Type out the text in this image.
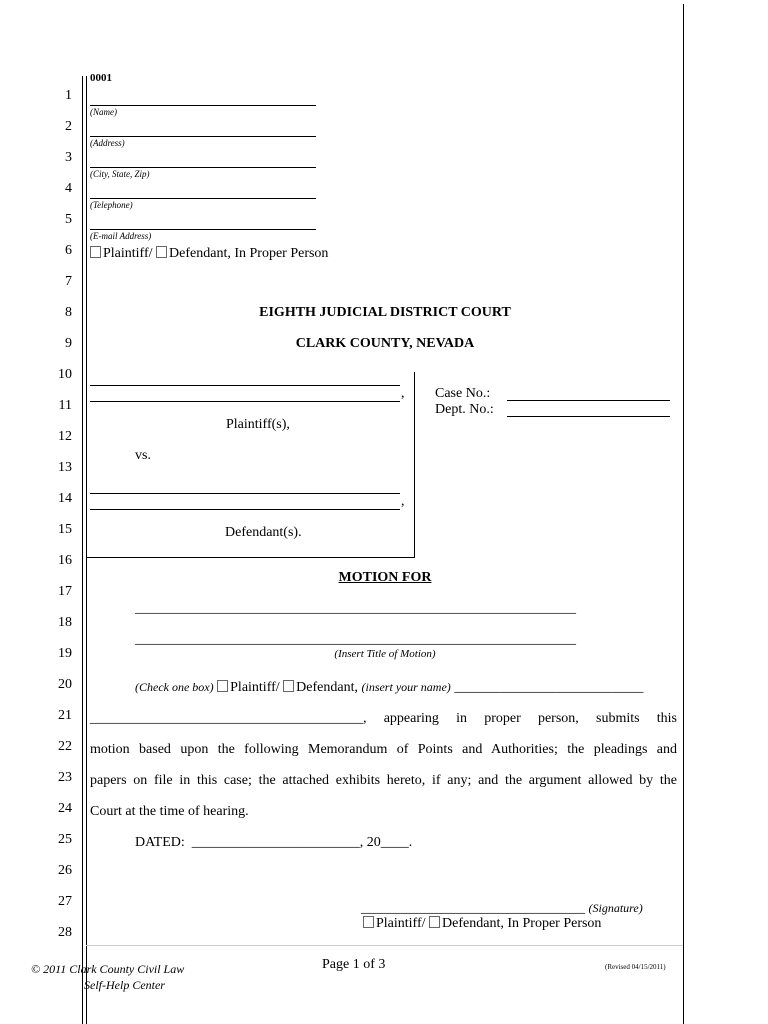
1
2
3
4
5
6
7
8
9
10
11
12
13
14
15
16
17
18
19
20
21
22
23
24
25
26
27
28
0001
(Name)
(Address)
(City, State, Zip)
(Telephone)
(E-mail Address)
Plaintiff/ Defendant, In Proper Person
EIGHTH JUDICIAL DISTRICT COURT
CLARK COUNTY, NEVADA
,
Plaintiff(s),
vs.
,
Defendant(s).
Case No.:
Dept. No.:
MOTION FOR
_______________________________________________________________
_______________________________________________________________
(Insert Title of Motion)
(Check one box) Plaintiff/ Defendant, (insert your name) ___________________________
_______________________________________, appearing in proper person, submits this
motion based upon the following Memorandum of Points and Authorities; the pleadings and
papers on file in this case; the attached exhibits hereto, if any; and the argument allowed by the
Court at the time of hearing.
DATED: ________________________, 20____.
________________________________ (Signature)
Plaintiff/ Defendant, In Proper Person
© 2011 Clark County Civil Law
Self-Help Center
Page 1 of 3	(Revised 04/15/2011)
